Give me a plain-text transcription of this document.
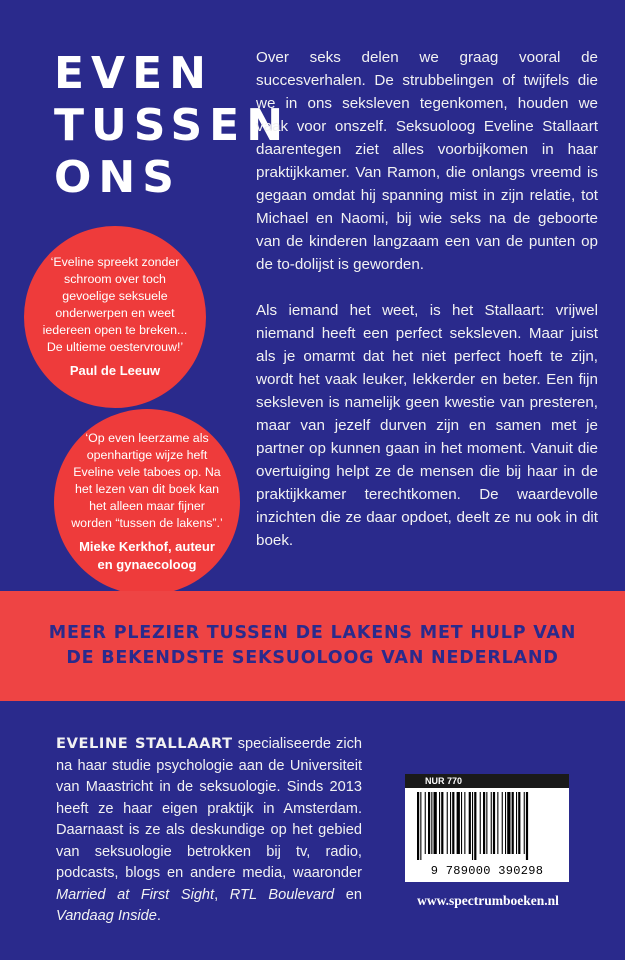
EVEN
TUSSEN
ONS

Over seks delen we graag vooral de succesverhalen. De strubbelingen of twijfels die we in ons seksleven tegenkomen, houden we vaak voor onszelf. Seksuoloog Eveline Stallaart daarentegen ziet alles voorbijkomen in haar praktijkkamer. Van Ramon, die onlangs vreemd is gegaan omdat hij spanning mist in zijn relatie, tot Michael en Naomi, bij wie seks na de geboorte van de kinderen langzaam een van de punten op de to-dolijst is geworden.

Als iemand het weet, is het Stallaart: vrijwel niemand heeft een perfect seksleven. Maar juist als je omarmt dat het niet perfect hoeft te zijn, wordt het vaak leuker, lekkerder en beter. Een fijn seksleven is namelijk geen kwestie van presteren, maar van jezelf durven zijn en samen met je partner op kunnen gaan in het moment. Vanuit die overtuiging helpt ze de mensen die bij haar in de praktijkkamer terechtkomen. De waardevolle inzichten die ze daar opdoet, deelt ze nu ook in dit boek.

‘Eveline spreekt zonder schroom over toch gevoelige seksuele onderwerpen en weet iedereen open te breken... De ultieme oestervrouw!’
Paul de Leeuw
‘Op even leerzame als openhartige wijze heft Eveline vele taboes op. Na het lezen van dit boek kan het alleen maar fijner worden “tussen de lakens”.’
Mieke Kerkhof, auteur en gynaecoloog

MEER PLEZIER TUSSEN DE LAKENS MET HULP VAN
DE BEKENDSTE SEKSUOLOOG VAN NEDERLAND

EVELINE STALLAART specialiseerde zich na haar studie psychologie aan de Universiteit van Maastricht in de seksuologie. Sinds 2013 heeft ze haar eigen praktijk in Amsterdam. Daarnaast is ze als deskundige op het gebied van seksuologie betrokken bij tv, radio, podcasts, blogs en andere media, waaronder Married at First Sight, RTL Boulevard en Vandaag Inside.

NUR 770
9 789000 390298
www.spectrumboeken.nl
